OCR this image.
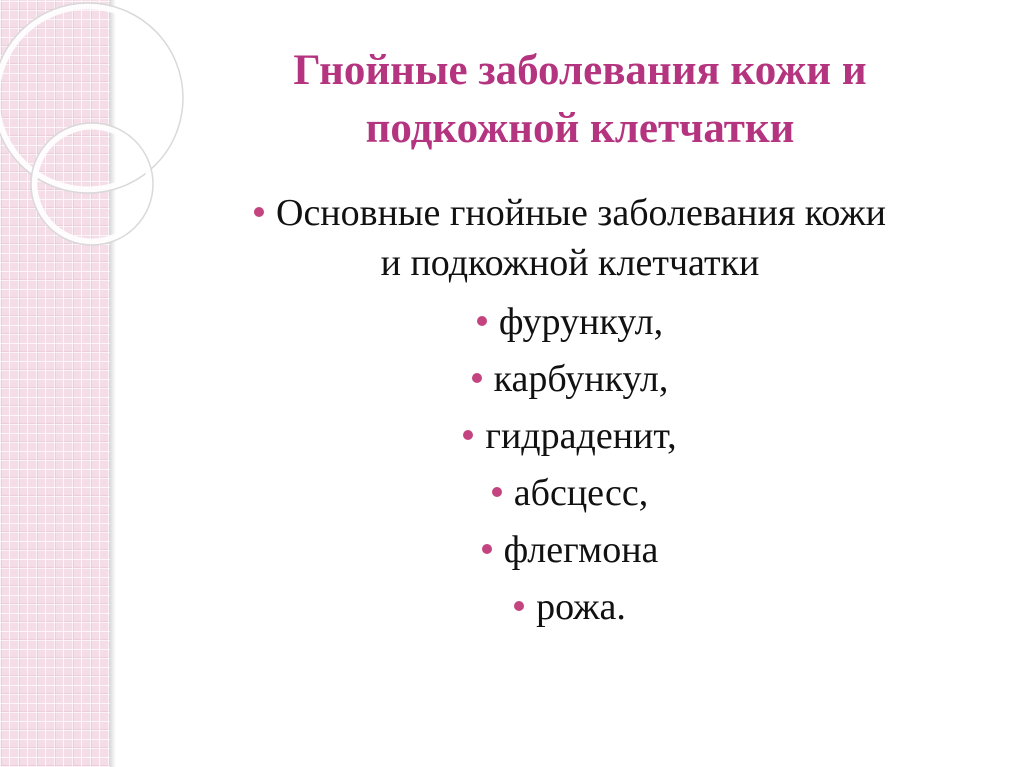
Гнойные заболевания кожи и
подкожной клетчатки
Основные гнойные заболевания кожи
и подкожной клетчатки
фурункул,
карбункул,
гидраденит,
абсцесс,
флегмона
рожа.
